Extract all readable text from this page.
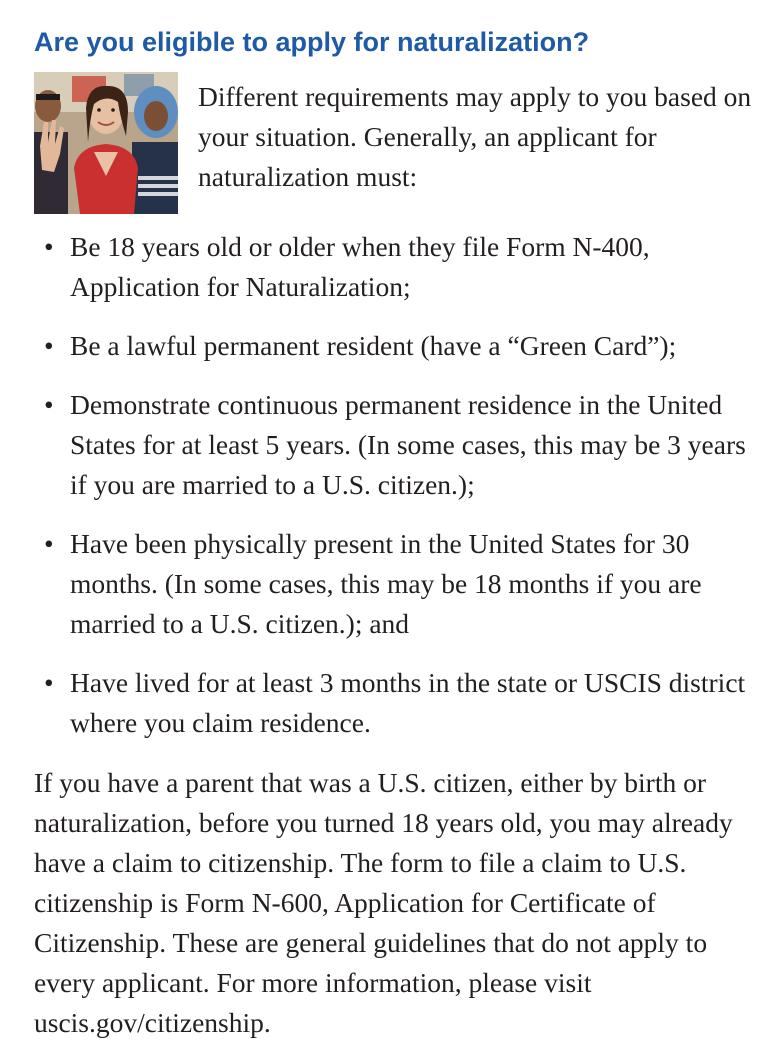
Are you eligible to apply for naturalization?

Different requirements may apply to you based on your situation. Generally, an applicant for naturalization must:

• Be 18 years old or older when they file Form N-400, Application for Naturalization;
• Be a lawful permanent resident (have a “Green Card”);
• Demonstrate continuous permanent residence in the United States for at least 5 years. (In some cases, this may be 3 years if you are married to a U.S. citizen.);
• Have been physically present in the United States for 30 months. (In some cases, this may be 18 months if you are married to a U.S. citizen.); and
• Have lived for at least 3 months in the state or USCIS district where you claim residence.

If you have a parent that was a U.S. citizen, either by birth or naturalization, before you turned 18 years old, you may already have a claim to citizenship. The form to file a claim to U.S. citizenship is Form N-600, Application for Certificate of Citizenship. These are general guidelines that do not apply to every applicant. For more information, please visit uscis.gov/citizenship.
